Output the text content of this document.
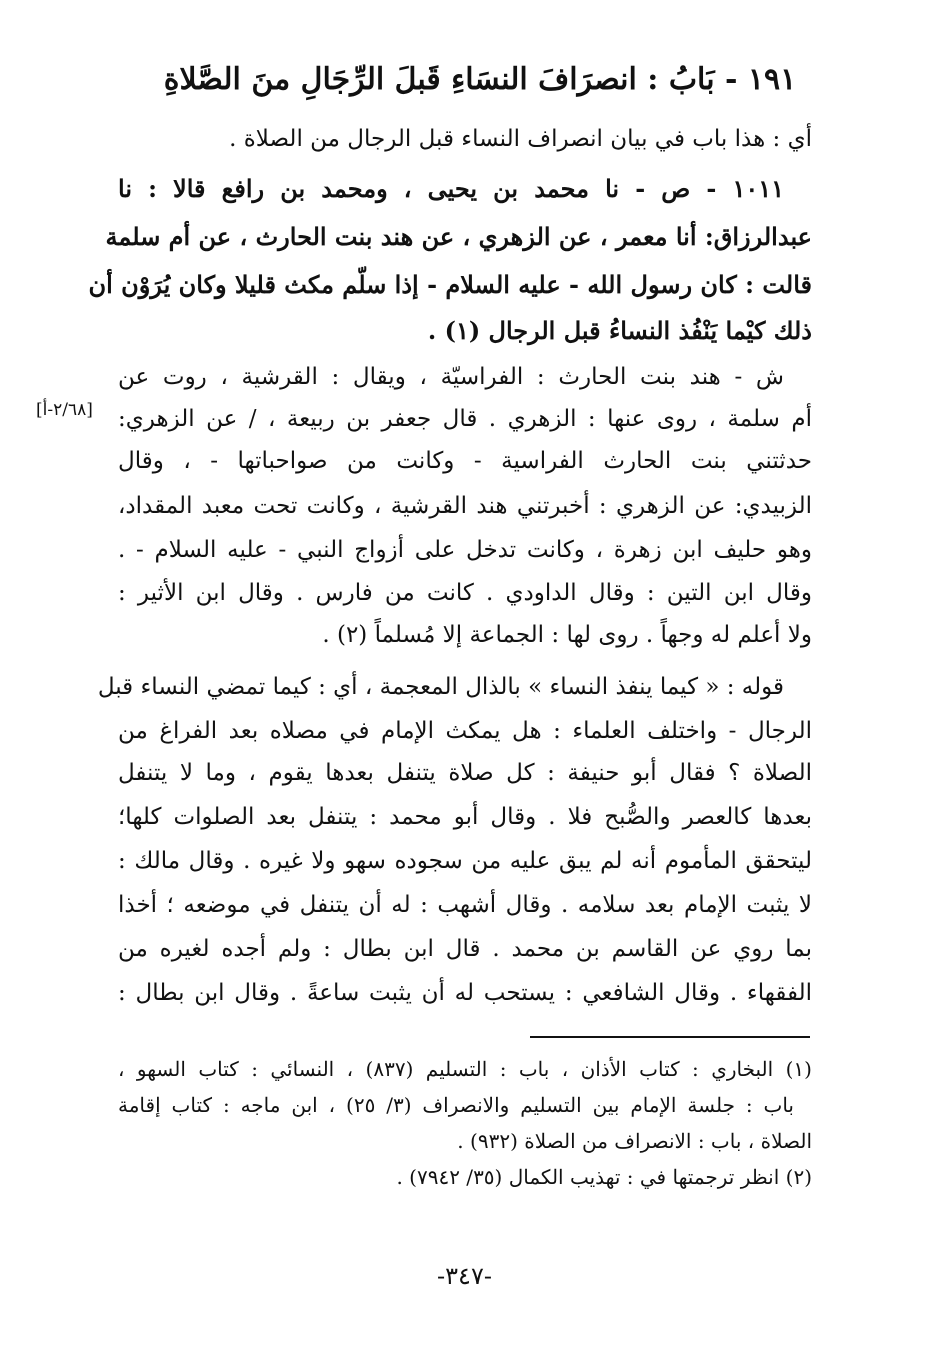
١٩١ - بَابُ : انصرَافَ النسَاءِ قَبلَ الرِّجَالِ منَ الصَّلاةِ
أي : هذا باب في بيان انصراف النساء قبل الرجال من الصلاة .
١٠١١ - ص - نا محمد بن يحيى ، ومحمد بن رافع قالا : نا
عبدالرزاق: أنا معمر ، عن الزهري ، عن هند بنت الحارث ، عن أم سلمة
قالت : كان رسول الله - عليه السلام - إذا سلّم مكث قليلا وكان يُرَوْن أن
ذلك كيْما يَنْفُذ النساءُ قبل الرجال (١) .
ش - هند بنت الحارث : الفراسيّة ، ويقال : القرشية ، روت عن
أم سلمة ، روى عنها : الزهري . قال جعفر بن ربيعة ، / عن الزهري:
حدثتني بنت الحارث الفراسية - وكانت من صواحباتها - ، وقال
الزبيدي: عن الزهري : أخبرتني هند القرشية ، وكانت تحت معبد المقداد،
وهو حليف ابن زهرة ، وكانت تدخل على أزواج النبي - عليه السلام - .
وقال ابن التين : وقال الداودي . كانت من فارس . وقال ابن الأثير :
ولا أعلم له وجهاً . روى لها : الجماعة إلا مُسلماً (٢) .
[٢/٦٨-أ]
قوله : « كيما ينفذ النساء » بالذال المعجمة ، أي : كيما تمضي النساء قبل
الرجال - واختلف العلماء : هل يمكث الإمام في مصلاه بعد الفراغ من
الصلاة ؟ فقال أبو حنيفة : كل صلاة يتنفل بعدها يقوم ، وما لا يتنفل
بعدها كالعصر والصُّبح فلا . وقال أبو محمد : يتنفل بعد الصلوات كلها؛
ليتحقق المأموم أنه لم يبق عليه من سجوده سهو ولا غيره . وقال مالك :
لا يثبت الإمام بعد سلامه . وقال أشهب : له أن يتنفل في موضعه ؛ أخذا
بما روي عن القاسم بن محمد . قال ابن بطال : ولم أجده لغيره من
الفقهاء . وقال الشافعي : يستحب له أن يثبت ساعةً . وقال ابن بطال :
(١) البخاري : كتاب الأذان ، باب : التسليم (٨٣٧) ، النسائي : كتاب السهو ،
باب : جلسة الإمام بين التسليم والانصراف (٣/ ٢٥) ، ابن ماجه : كتاب إقامة
الصلاة ، باب : الانصراف من الصلاة (٩٣٢) .
(٢) انظر ترجمتها في : تهذيب الكمال (٣٥/ ٧٩٤٢) .
-٣٤٧-
